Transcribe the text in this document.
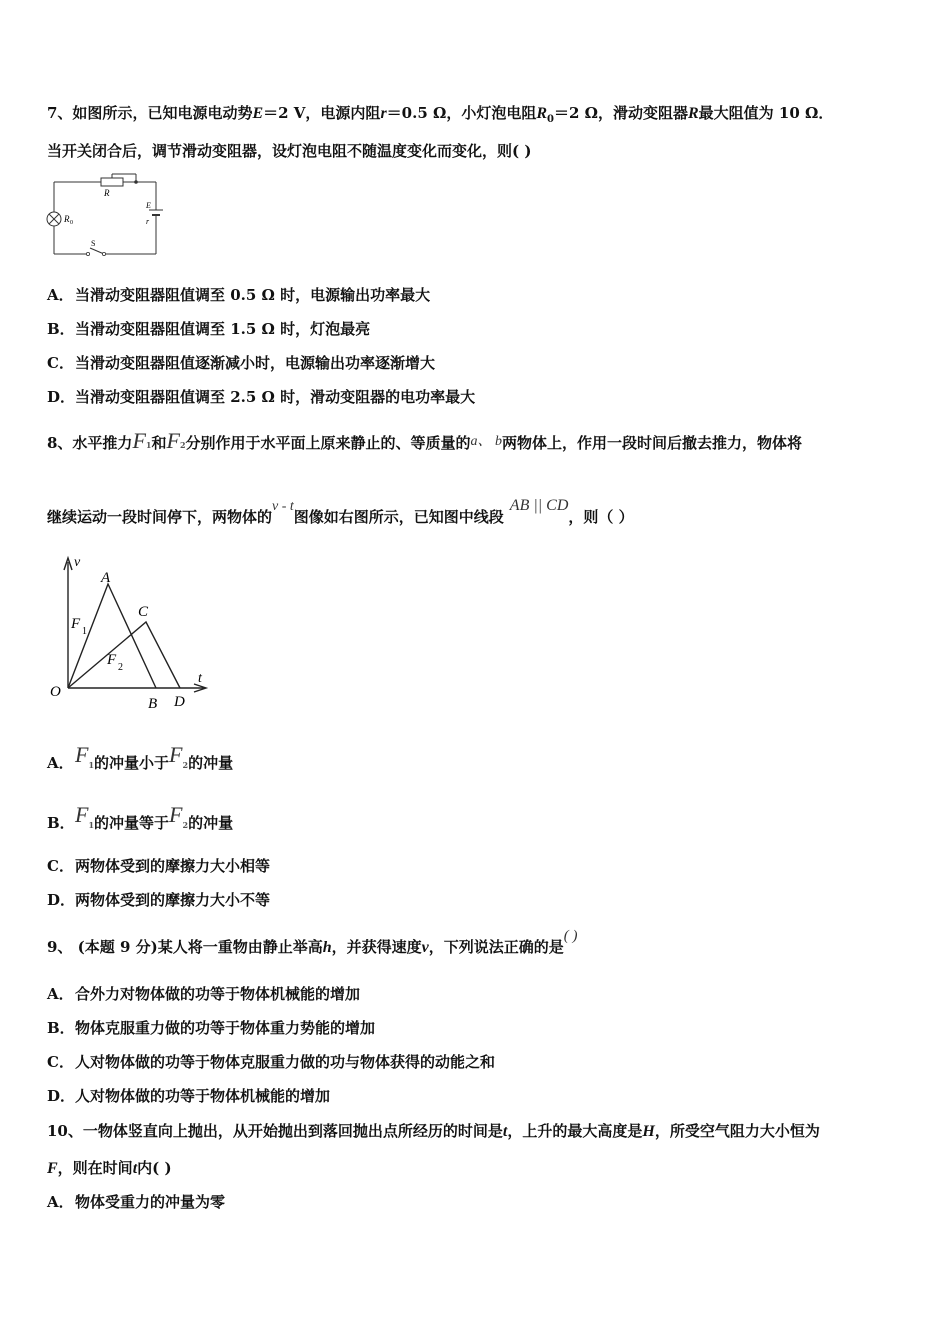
7、如图所示，已知电源电动势E＝2 V，电源内阻r＝0.5 Ω，小灯泡电阻$R_0=2$ Ω，滑动变阻器R最大阻值为 10 Ω．
当开关闭合后，调节滑动变阻器，设灯泡电阻不随温度变化而变化，则( )
R
R 0
E
r
S
A．当滑动变阻器阻值调至 0.5 Ω 时，电源输出功率最大
B．当滑动变阻器阻值调至 1.5 Ω 时，灯泡最亮
C．当滑动变阻器阻值逐渐减小时，电源输出功率逐渐增大
D．当滑动变阻器阻值调至 2.5 Ω 时，滑动变阻器的电功率最大
8、水平推力F1和F2分别作用于水平面上原来静止的、等质量的a、 b两物体上，作用一段时间后撤去推力，物体将
继续运动一段时间停下，两物体的v - t图像如右图所示，已知图中线段AB || CD，则（ ）
v
t
O
A
B
C
D
F 1
F 2
A．F1的冲量小于F2的冲量
B．F1的冲量等于F2的冲量
C．两物体受到的摩擦力大小相等
D．两物体受到的摩擦力大小不等
9、 (本题 9 分)某人将一重物由静止举高h，并获得速度v，下列说法正确的是( )
A．合外力对物体做的功等于物体机械能的增加
B．物体克服重力做的功等于物体重力势能的增加
C．人对物体做的功等于物体克服重力做的功与物体获得的动能之和
D．人对物体做的功等于物体机械能的增加
10、一物体竖直向上抛出，从开始抛出到落回抛出点所经历的时间是t，上升的最大高度是H，所受空气阻力大小恒为
F，则在时间t内( )
A．物体受重力的冲量为零
